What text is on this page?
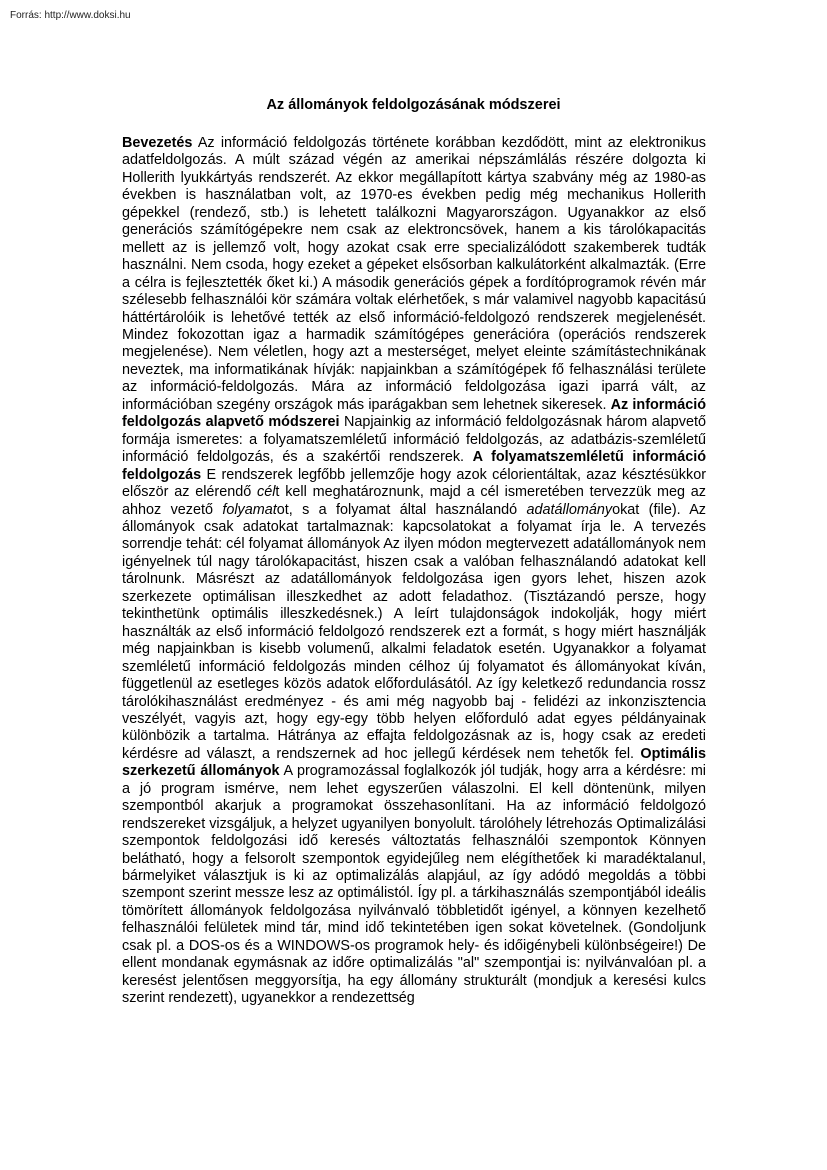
Forrás: http://www.doksi.hu
Az állományok feldolgozásának módszerei

Bevezetés Az információ feldolgozás története korábban kezdődött, mint az elektronikus adatfeldolgozás. A múlt század végén az amerikai népszámlálás részére dolgozta ki Hollerith lyukkártyás rendszerét. Az ekkor megállapított kártya szabvány még az 1980-as években is használatban volt, az 1970-es években pedig még mechanikus Hollerith gépekkel (rendező, stb.) is lehetett találkozni Magyarországon. Ugyanakkor az első generációs számítógépekre nem csak az elektroncsövek, hanem a kis tárolókapacitás mellett az is jellemző volt, hogy azokat csak erre specializálódott szakemberek tudták használni. Nem csoda, hogy ezeket a gépeket elsősorban kalkulátorként alkalmazták. (Erre a célra is fejlesztették őket ki.) A második generációs gépek a fordítóprogramok révén már szélesebb felhasználói kör számára voltak elérhetőek, s már valamivel nagyobb kapacitású háttértárolóik is lehetővé tették az első információ-feldolgozó rendszerek megjelenését. Mindez fokozottan igaz a harmadik számítógépes generációra (operációs rendszerek megjelenése). Nem véletlen, hogy azt a mesterséget, melyet eleinte számítástechnikának neveztek, ma informatikának hívják: napjainkban a számítógépek fő felhasználási területe az információ-feldolgozás. Mára az információ feldolgozása igazi iparrá vált, az információban szegény országok más iparágakban sem lehetnek sikeresek. Az információ feldolgozás alapvető módszerei Napjainkig az információ feldolgozásnak három alapvető formája ismeretes: a folyamatszemléletű információ feldolgozás, az adatbázis-szemléletű információ feldolgozás, és a szakértői rendszerek. A folyamatszemléletű információ feldolgozás E rendszerek legfőbb jellemzője hogy azok célorientáltak, azaz késztésükkor először az elérendő célt kell meghatároznunk, majd a cél ismeretében tervezzük meg az ahhoz vezető folyamatot, s a folyamat által használandó adatállományokat (file). Az állományok csak adatokat tartalmaznak: kapcsolatokat a folyamat írja le. A tervezés sorrendje tehát: cél folyamat állományok Az ilyen módon megtervezett adatállományok nem igényelnek túl nagy tárolókapacitást, hiszen csak a valóban felhasználandó adatokat kell tárolnunk. Másrészt az adatállományok feldolgozása igen gyors lehet, hiszen azok szerkezete optimálisan illeszkedhet az adott feladathoz. (Tisztázandó persze, hogy tekinthetünk optimális illeszkedésnek.) A leírt tulajdonságok indokolják, hogy miért használták az első információ feldolgozó rendszerek ezt a formát, s hogy miért használják még napjainkban is kisebb volumenű, alkalmi feladatok esetén. Ugyanakkor a folyamat szemléletű információ feldolgozás minden célhoz új folyamatot és állományokat kíván, függetlenül az esetleges közös adatok előfordulásától. Az így keletkező redundancia rossz tárolókihasználást eredményez - és ami még nagyobb baj - felidézi az inkonzisztencia veszélyét, vagyis azt, hogy egy-egy több helyen előforduló adat egyes példányainak különbözik a tartalma. Hátránya az effajta feldolgozásnak az is, hogy csak az eredeti kérdésre ad választ, a rendszernek ad hoc jellegű kérdések nem tehetők fel. Optimális szerkezetű állományok A programozással foglalkozók jól tudják, hogy arra a kérdésre: mi a jó program ismérve, nem lehet egyszerűen válaszolni. El kell döntenünk, milyen szempontból akarjuk a programokat összehasonlítani. Ha az információ feldolgozó rendszereket vizsgáljuk, a helyzet ugyanilyen bonyolult. tárolóhely létrehozás Optimalizálási szempontok feldolgozási idő keresés változtatás felhasználói szempontok Könnyen belátható, hogy a felsorolt szempontok egyidejűleg nem elégíthetőek ki maradéktalanul, bármelyiket választjuk is ki az optimalizálás alapjául, az így adódó megoldás a többi szempont szerint messze lesz az optimálistól. Így pl. a tárkihasználás szempontjából ideális tömörített állományok feldolgozása nyilvánvaló többletidőt igényel, a könnyen kezelhető felhasználói felületek mind tár, mind idő tekintetében igen sokat követelnek. (Gondoljunk csak pl. a DOS-os és a WINDOWS-os programok hely- és időigénybeli különbségeire!) De ellent mondanak egymásnak az időre optimalizálás "al" szempontjai is: nyilvánvalóan pl. a keresést jelentősen meggyorsítja, ha egy állomány strukturált (mondjuk a keresési kulcs szerint rendezett), ugyanekkor a rendezettség
